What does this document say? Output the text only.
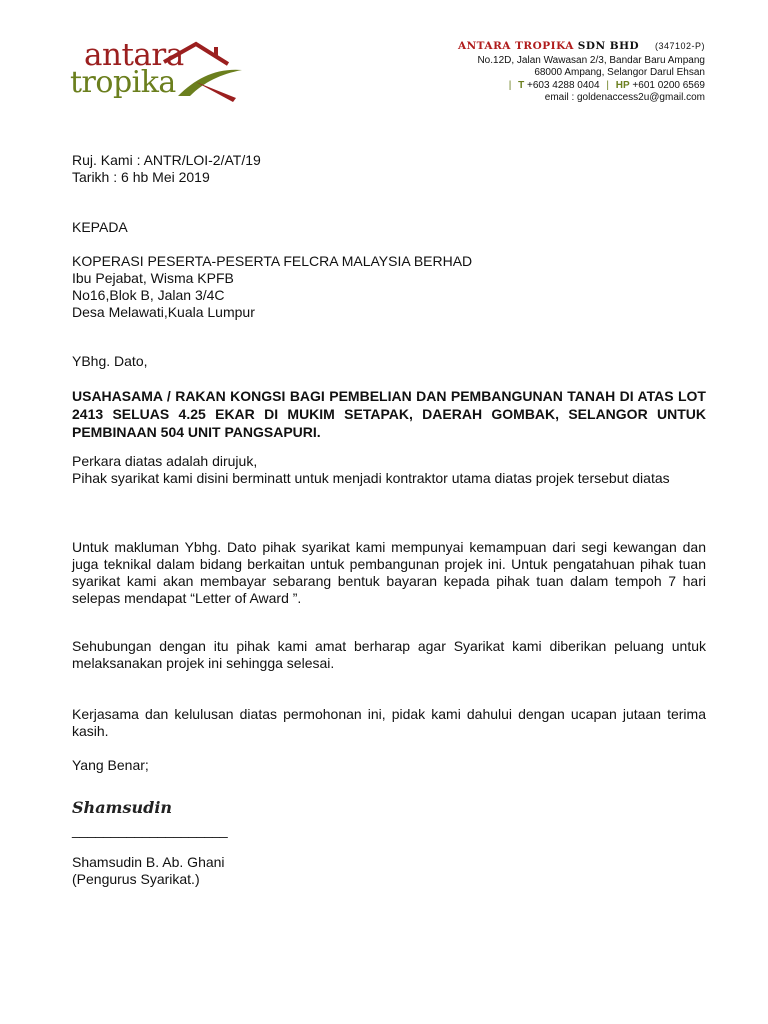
antara
tropika
ANTARA TROPIKA SDN BHD (347102-P)
No.12D, Jalan Wawasan 2/3, Bandar Baru Ampang
68000 Ampang, Selangor Darul Ehsan
| T +603 4288 0404 | HP +601 0200 6569
email : goldenaccess2u@gmail.com
Ruj. Kami : ANTR/LOI-2/AT/19
Tarikh : 6 hb Mei 2019
KEPADA
KOPERASI PESERTA-PESERTA FELCRA MALAYSIA BERHAD
Ibu Pejabat, Wisma KPFB
No16,Blok B, Jalan 3/4C
Desa Melawati,Kuala Lumpur
YBhg. Dato,
USAHASAMA / RAKAN KONGSI BAGI PEMBELIAN DAN PEMBANGUNAN TANAH DI ATAS LOT 2413 SELUAS 4.25 EKAR DI MUKIM SETAPAK, DAERAH GOMBAK, SELANGOR UNTUK PEMBINAAN 504 UNIT PANGSAPURI.
Perkara diatas adalah dirujuk,
Pihak syarikat kami disini berminatt untuk menjadi kontraktor utama diatas projek tersebut diatas
Untuk makluman Ybhg. Dato pihak syarikat kami mempunyai kemampuan dari segi kewangan dan juga teknikal dalam bidang berkaitan untuk pembangunan projek ini. Untuk pengatahuan pihak tuan syarikat kami akan membayar sebarang bentuk bayaran kepada pihak tuan dalam tempoh 7 hari selepas mendapat “Letter of Award ”.
Sehubungan dengan itu pihak kami amat berharap agar Syarikat kami diberikan peluang untuk melaksanakan projek ini sehingga selesai.
Kerjasama dan kelulusan diatas permohonan ini, pidak kami dahului dengan ucapan jutaan terima kasih.
Yang Benar;
Shamsudin
____________________
Shamsudin B. Ab. Ghani
(Pengurus Syarikat.)
